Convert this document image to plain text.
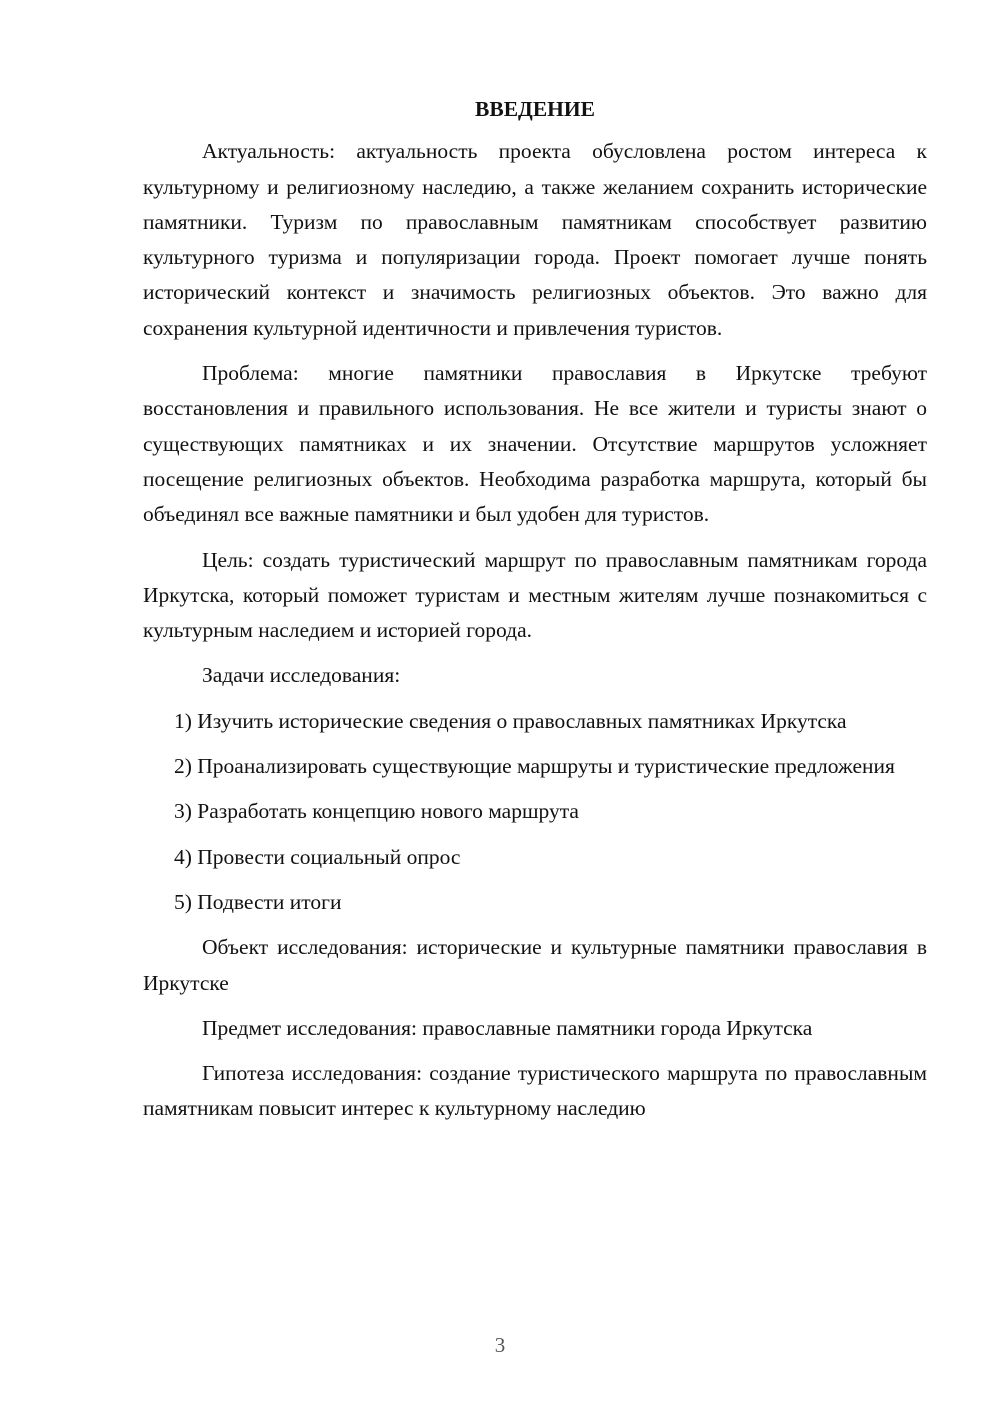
ВВЕДЕНИЕ

Актуальность: актуальность проекта обусловлена ростом интереса к культурному и религиозному наследию, а также желанием сохранить исторические памятники. Туризм по православным памятникам способствует развитию культурного туризма и популяризации города. Проект помогает лучше понять исторический контекст и значимость религиозных объектов. Это важно для сохранения культурной идентичности и привлечения туристов.

Проблема: многие памятники православия в Иркутске требуют восстановления и правильного использования. Не все жители и туристы знают о существующих памятниках и их значении. Отсутствие маршрутов усложняет посещение религиозных объектов. Необходима разработка маршрута, который бы объединял все важные памятники и был удобен для туристов.

Цель: создать туристический маршрут по православным памятникам города Иркутска, который поможет туристам и местным жителям лучше познакомиться с культурным наследием и историей города.

Задачи исследования:

1) Изучить исторические сведения о православных памятниках Иркутска

2) Проанализировать существующие маршруты и туристические предложения

3) Разработать концепцию нового маршрута

4) Провести социальный опрос

5) Подвести итоги

Объект исследования: исторические и культурные памятники православия в Иркутске

Предмет исследования: православные памятники города Иркутска

Гипотеза исследования: создание туристического маршрута по православным памятникам повысит интерес к культурному наследию

3
